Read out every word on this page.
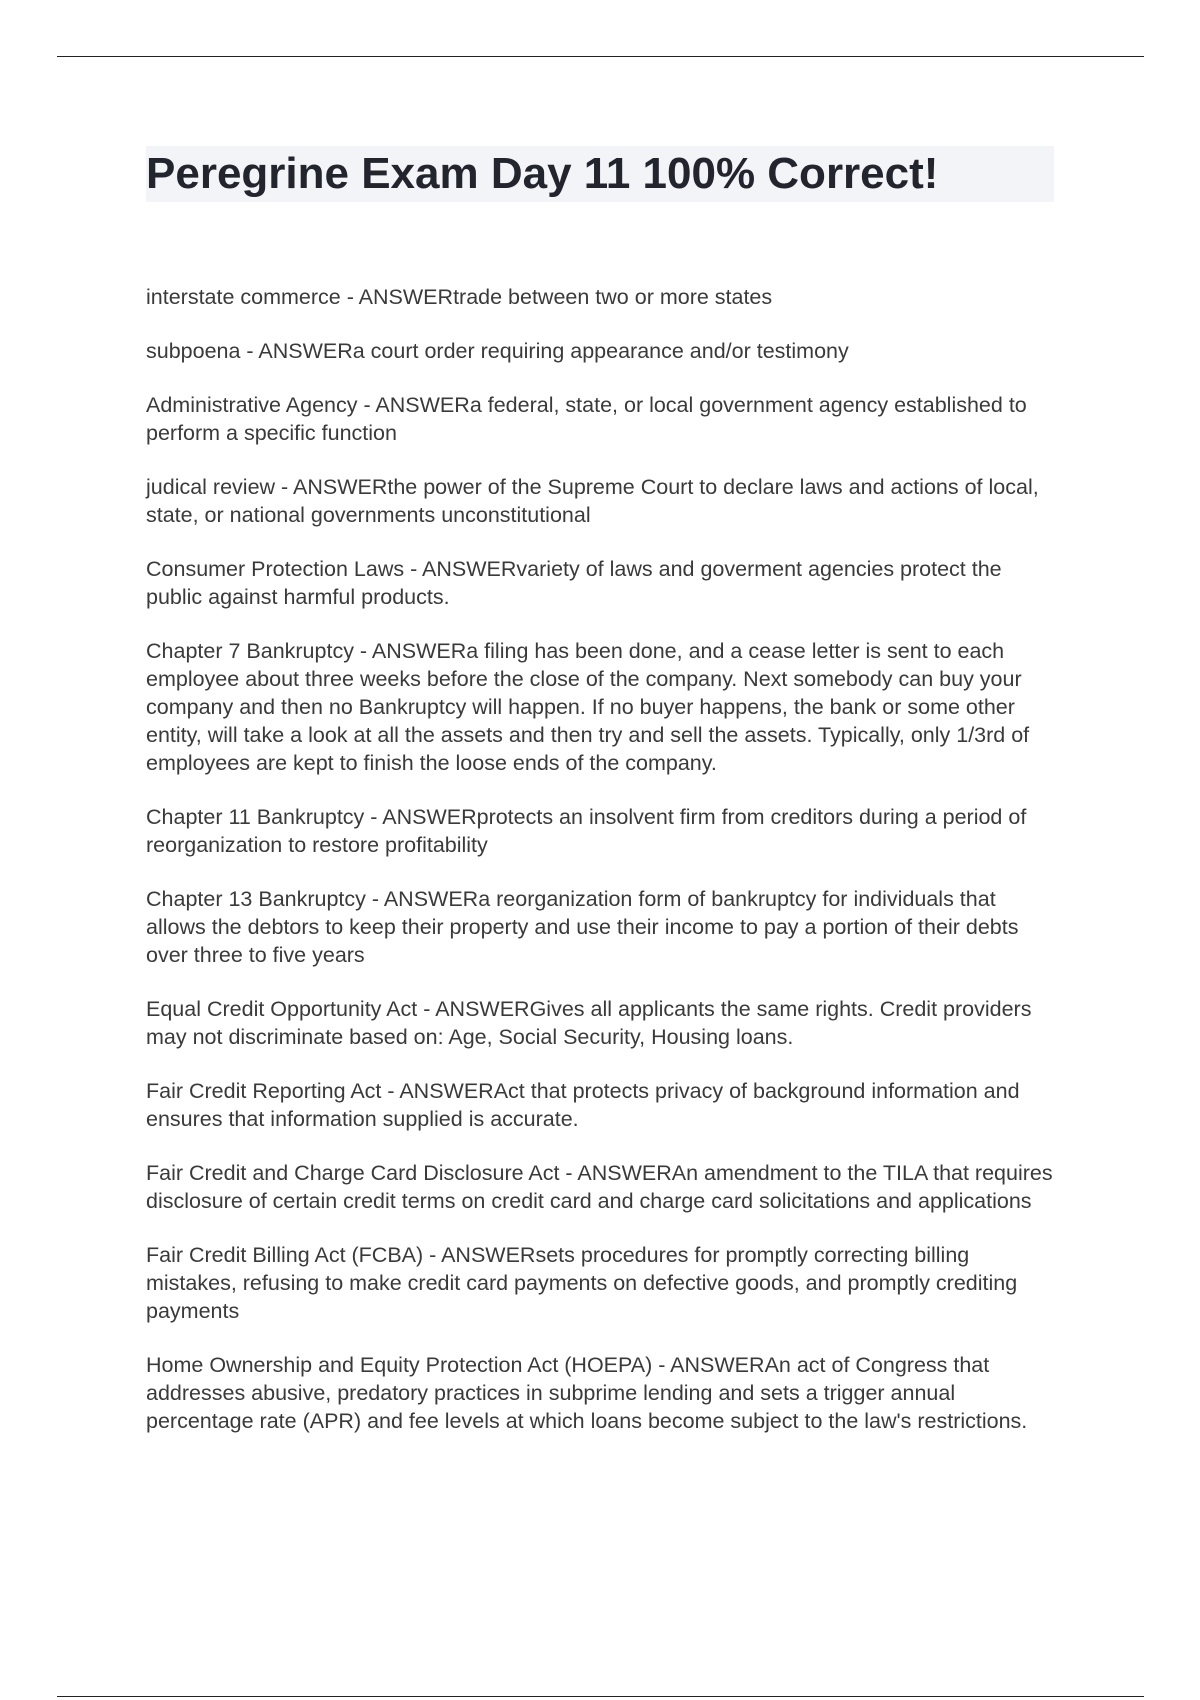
Peregrine Exam Day 11 100% Correct!

interstate commerce - ANSWERtrade between two or more states

subpoena - ANSWERa court order requiring appearance and/or testimony

Administrative Agency - ANSWERa federal, state, or local government agency established to perform a specific function

judical review - ANSWERthe power of the Supreme Court to declare laws and actions of local, state, or national governments unconstitutional

Consumer Protection Laws - ANSWERvariety of laws and goverment agencies protect the public against harmful products.

Chapter 7 Bankruptcy - ANSWERa filing has been done, and a cease letter is sent to each employee about three weeks before the close of the company. Next somebody can buy your company and then no Bankruptcy will happen. If no buyer happens, the bank or some other entity, will take a look at all the assets and then try and sell the assets. Typically, only 1/3rd of employees are kept to finish the loose ends of the company.

Chapter 11 Bankruptcy - ANSWERprotects an insolvent firm from creditors during a period of reorganization to restore profitability

Chapter 13 Bankruptcy - ANSWERa reorganization form of bankruptcy for individuals that allows the debtors to keep their property and use their income to pay a portion of their debts over three to five years

Equal Credit Opportunity Act - ANSWERGives all applicants the same rights. Credit providers may not discriminate based on: Age, Social Security, Housing loans.

Fair Credit Reporting Act - ANSWERAct that protects privacy of background information and ensures that information supplied is accurate.

Fair Credit and Charge Card Disclosure Act - ANSWERAn amendment to the TILA that requires disclosure of certain credit terms on credit card and charge card solicitations and applications

Fair Credit Billing Act (FCBA) - ANSWERsets procedures for promptly correcting billing mistakes, refusing to make credit card payments on defective goods, and promptly crediting payments

Home Ownership and Equity Protection Act (HOEPA) - ANSWERAn act of Congress that addresses abusive, predatory practices in subprime lending and sets a trigger annual percentage rate (APR) and fee levels at which loans become subject to the law's restrictions.
